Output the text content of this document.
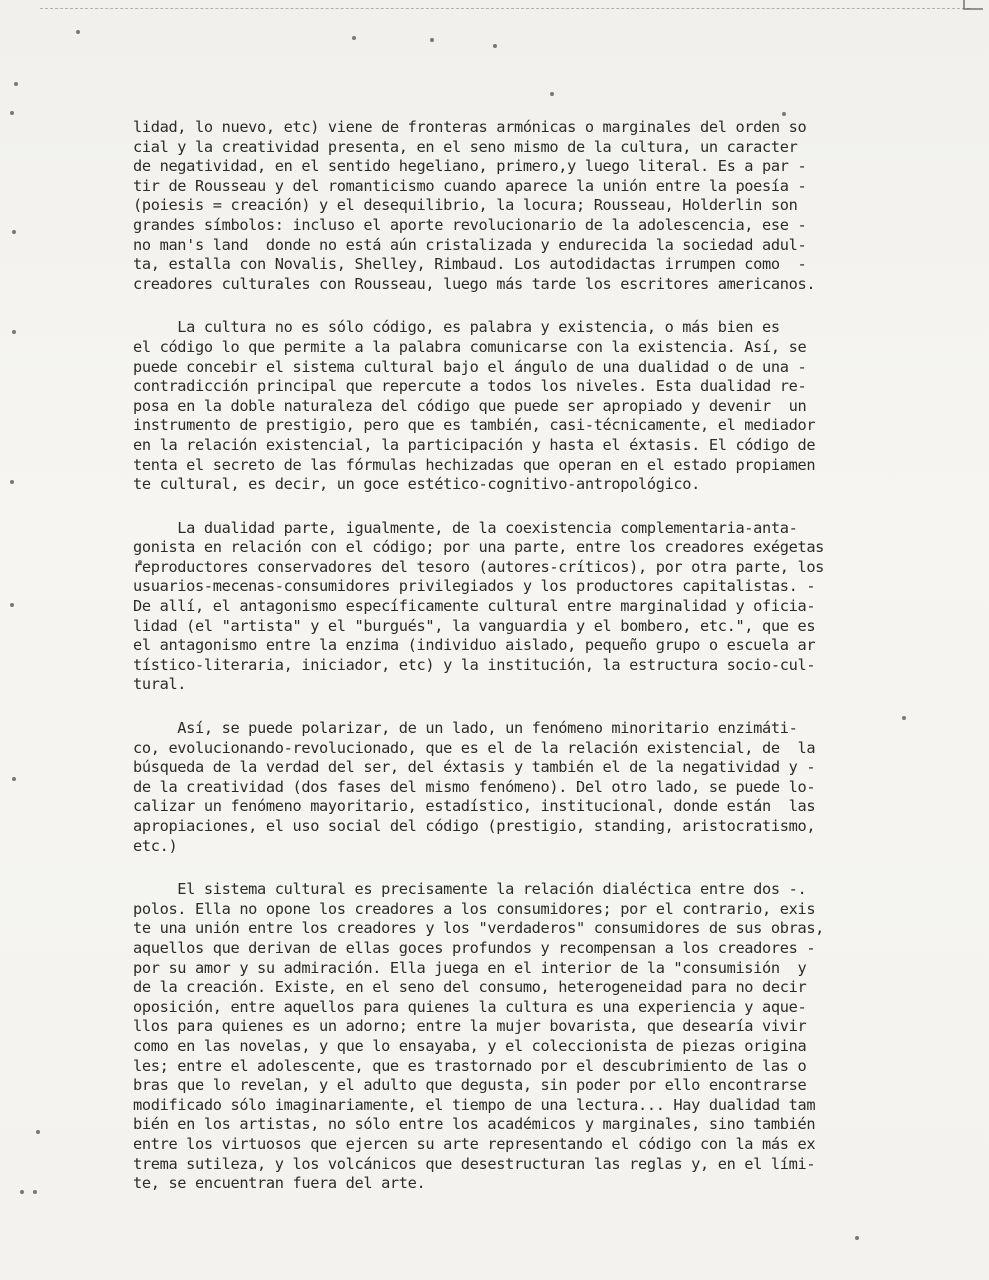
lidad, lo nuevo, etc) viene de fronteras armónicas o marginales del orden so
cial y la creatividad presenta, en el seno mismo de la cultura, un caracter
de negatividad, en el sentido hegeliano, primero,y luego literal. Es a par -
tir de Rousseau y del romanticismo cuando aparece la unión entre la poesía -
(poiesis = creación) y el desequilibrio, la locura; Rousseau, Holderlin son
grandes símbolos: incluso el aporte revolucionario de la adolescencia, ese -
no man's land  donde no está aún cristalizada y endurecida la sociedad adul-
ta, estalla con Novalis, Shelley, Rimbaud. Los autodidactas irrumpen como  -
creadores culturales con Rousseau, luego más tarde los escritores americanos.
La cultura no es sólo código, es palabra y existencia, o más bien es
el código lo que permite a la palabra comunicarse con la existencia. Así, se
puede concebir el sistema cultural bajo el ángulo de una dualidad o de una -
contradicción principal que repercute a todos los niveles. Esta dualidad re-
posa en la doble naturaleza del código que puede ser apropiado y devenir  un
instrumento de prestigio, pero que es también, casi-técnicamente, el mediador
en la relación existencial, la participación y hasta el éxtasis. El código de
tenta el secreto de las fórmulas hechizadas que operan en el estado propiamen
te cultural, es decir, un goce estético-cognitivo-antropológico.
La dualidad parte, igualmente, de la coexistencia complementaria-anta-
gonista en relación con el código; por una parte, entre los creadores exégetas
reproductores conservadores del tesoro (autores-críticos), por otra parte, los
usuarios-mecenas-consumidores privilegiados y los productores capitalistas. -
De allí, el antagonismo específicamente cultural entre marginalidad y oficia-
lidad (el "artista" y el "burgués", la vanguardia y el bombero, etc.", que es
el antagonismo entre la enzima (individuo aislado, pequeño grupo o escuela ar
tístico-literaria, iniciador, etc) y la institución, la estructura socio-cul-
tural.
Así, se puede polarizar, de un lado, un fenómeno minoritario enzimáti-
co, evolucionando-revolucionado, que es el de la relación existencial, de  la
búsqueda de la verdad del ser, del éxtasis y también el de la negatividad y -
de la creatividad (dos fases del mismo fenómeno). Del otro lado, se puede lo-
calizar un fenómeno mayoritario, estadístico, institucional, donde están  las
apropiaciones, el uso social del código (prestigio, standing, aristocratismo,
etc.)
El sistema cultural es precisamente la relación dialéctica entre dos -.
polos. Ella no opone los creadores a los consumidores; por el contrario, exis
te una unión entre los creadores y los "verdaderos" consumidores de sus obras,
aquellos que derivan de ellas goces profundos y recompensan a los creadores -
por su amor y su admiración. Ella juega en el interior de la "consumisión  y
de la creación. Existe, en el seno del consumo, heterogeneidad para no decir
oposición, entre aquellos para quienes la cultura es una experiencia y aque-
llos para quienes es un adorno; entre la mujer bovarista, que desearía vivir
como en las novelas, y que lo ensayaba, y el coleccionista de piezas origina
les; entre el adolescente, que es trastornado por el descubrimiento de las o
bras que lo revelan, y el adulto que degusta, sin poder por ello encontrarse
modificado sólo imaginariamente, el tiempo de una lectura... Hay dualidad tam
bién en los artistas, no sólo entre los académicos y marginales, sino también
entre los virtuosos que ejercen su arte representando el código con la más ex
trema sutileza, y los volcánicos que desestructuran las reglas y, en el lími-
te, se encuentran fuera del arte.
